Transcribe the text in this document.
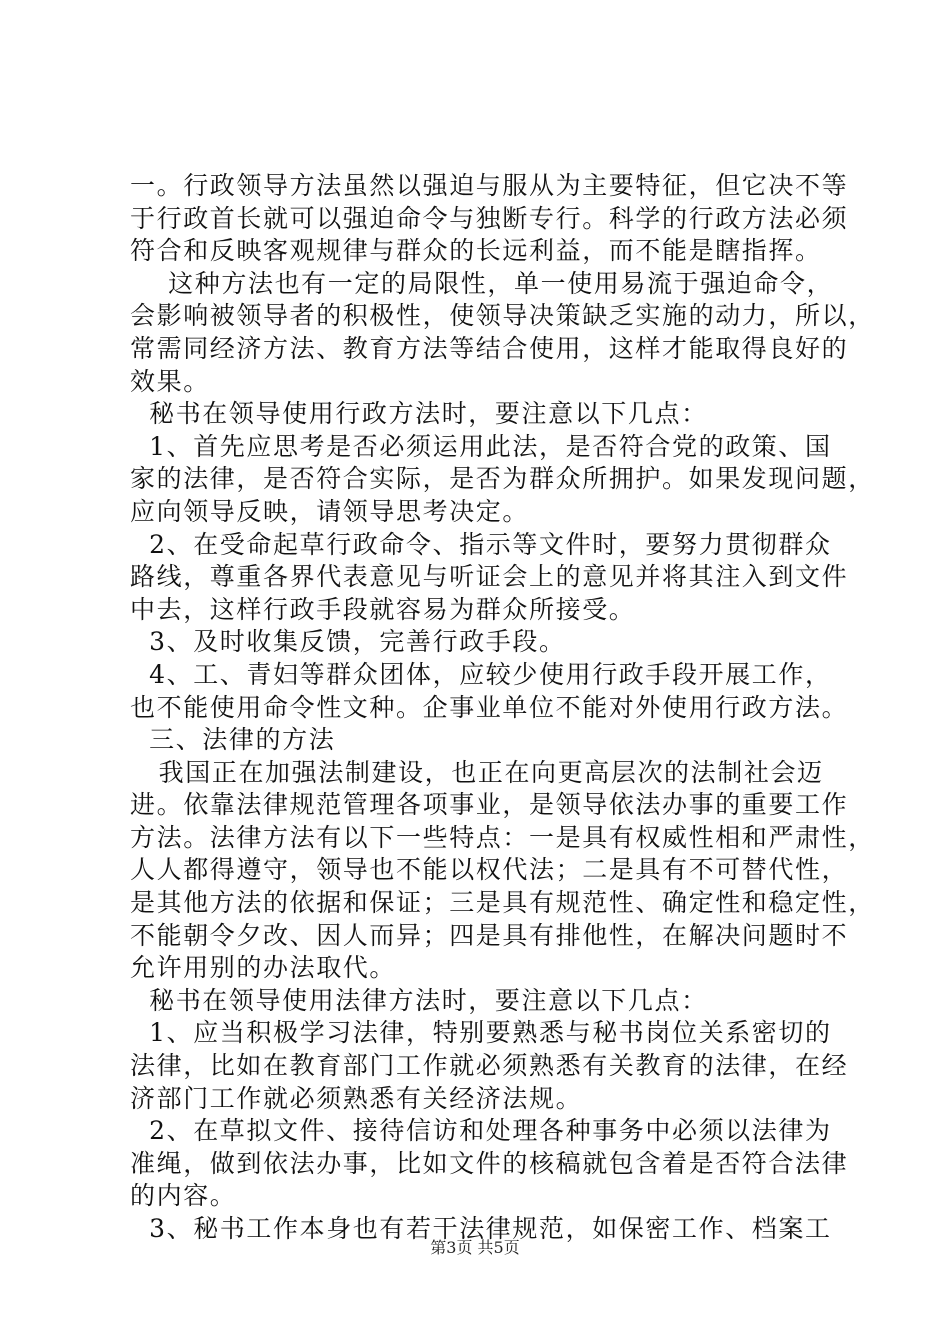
一。行政领导方法虽然以强迫与服从为主要特征，但它决不等
于行政首长就可以强迫命令与独断专行。科学的行政方法必须
符合和反映客观规律与群众的长远利益，而不能是瞎指挥。
这种方法也有一定的局限性，单一使用易流于强迫命令，
会影响被领导者的积极性，使领导决策缺乏实施的动力，所以，
常需同经济方法、教育方法等结合使用，这样才能取得良好的
效果。
秘书在领导使用行政方法时，要注意以下几点：
1、首先应思考是否必须运用此法，是否符合党的政策、国
家的法律，是否符合实际，是否为群众所拥护。如果发现问题，
应向领导反映，请领导思考决定。
2、在受命起草行政命令、指示等文件时，要努力贯彻群众
路线，尊重各界代表意见与听证会上的意见并将其注入到文件
中去，这样行政手段就容易为群众所接受。
3、及时收集反馈，完善行政手段。
4、工、青妇等群众团体，应较少使用行政手段开展工作，
也不能使用命令性文种。企事业单位不能对外使用行政方法。
三、法律的方法
我国正在加强法制建设，也正在向更高层次的法制社会迈
进。依靠法律规范管理各项事业，是领导依法办事的重要工作
方法。法律方法有以下一些特点：一是具有权威性相和严肃性，
人人都得遵守，领导也不能以权代法；二是具有不可替代性，
是其他方法的依据和保证；三是具有规范性、确定性和稳定性，
不能朝令夕改、因人而异；四是具有排他性，在解决问题时不
允许用别的办法取代。
秘书在领导使用法律方法时，要注意以下几点：
1、应当积极学习法律，特别要熟悉与秘书岗位关系密切的
法律，比如在教育部门工作就必须熟悉有关教育的法律，在经
济部门工作就必须熟悉有关经济法规。
2、在草拟文件、接待信访和处理各种事务中必须以法律为
准绳，做到依法办事，比如文件的核稿就包含着是否符合法律
的内容。
3、秘书工作本身也有若干法律规范，如保密工作、档案工
第3页 共5页
